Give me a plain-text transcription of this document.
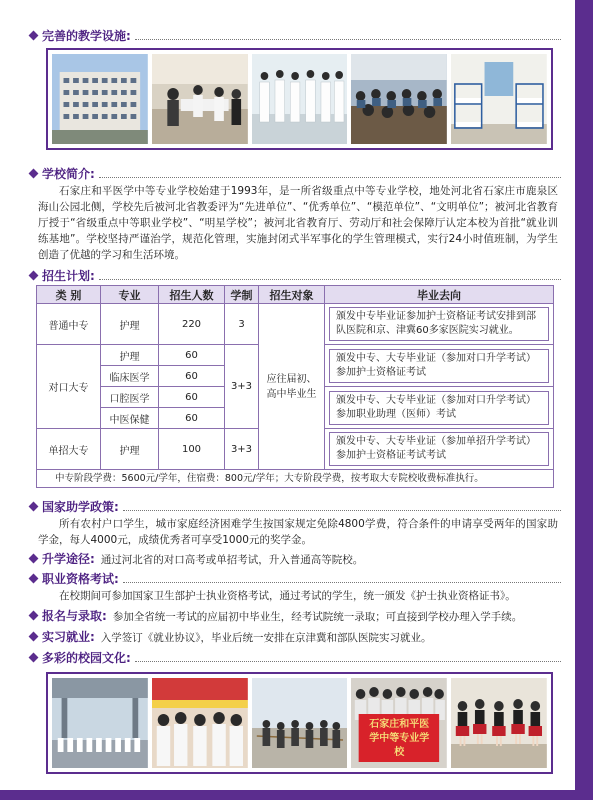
完善的教学设施:
学校简介:

石家庄和平医学中等专业学校始建于1993年，是一所省级重点中等专业学校，地处河北省石家庄市鹿泉区海山公园北侧，学校先后被河北省教委评为“先进单位”、“优秀单位”、“模范单位”、“文明单位”；被河北省教育厅授于“省级重点中等职业学校”、“明星学校”；被河北省教育厅、劳动厅和社会保障厅认定本校为首批“就业训练基地”。学校坚持严谨治学，规范化管理，实施封闭式半军事化的学生管理模式，实行24小时值班制，为学生创造了优越的学习和生活环境。

招生计划:
类 别	专业	招生人数	学制	招生对象	毕业去向
普通中专	护理	220	3	应往届初、高中毕业生	颁发中专毕业证参加护士资格证考试安排到部队医院和京、津冀60多家医院实习就业。

对口大专	护理	60	3+3		颁发中专、大专毕业证（参加对口升学考试）参加护士资格证考试

	临床医学	60			
	口腔医学	60			颁发中专、大专毕业证（参加对口升学考试）参加职业助理（医师）考试

	中医保健	60			
单招大专	护理	100	3+3		颁发中专、大专毕业证（参加单招升学考试）参加护士资格证考试考试
中专阶段学费：5600元/学年，住宿费：800元/学年；大专阶段学费，按考取大专院校收费标准执行。
国家助学政策:

所有农村户口学生，城市家庭经济困难学生按国家规定免除4800学费，符合条件的申请享受两年的国家助学金，每人4000元，成绩优秀者可享受1000元的奖学金。

升学途径: 通过河北省的对口高考或单招考试，升入普通高等院校。
职业资格考试:

在校期间可参加国家卫生部护士执业资格考试，通过考试的学生，统一颁发《护士执业资格证书》。

报名与录取: 参加全省统一考试的应届初中毕业生，经考试院统一录取；可直接到学校办理入学手续。
实习就业: 入学签订《就业协议》，毕业后统一安排在京津冀和部队医院实习就业。
多彩的校园文化:
石家庄和平医学中等专业学校
